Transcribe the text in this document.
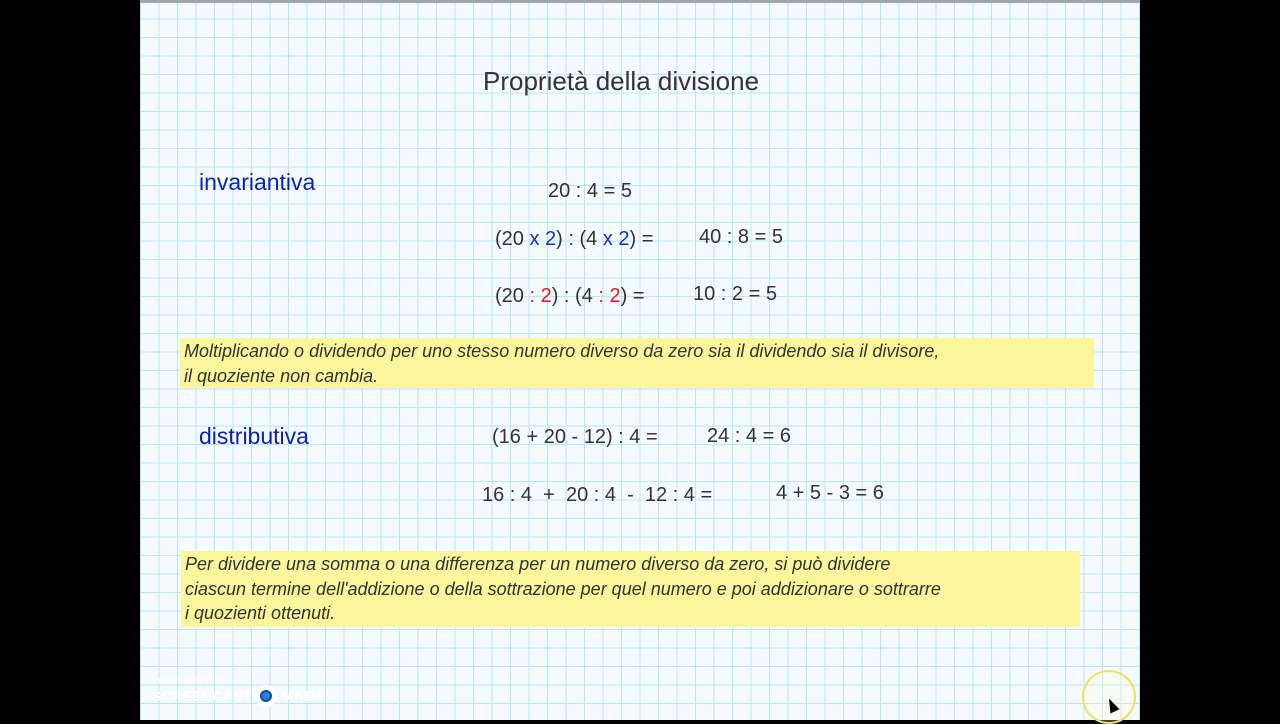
Proprietà della divisione
invariantiva	20 : 4 = 5
(20 x 2) : (4 x 2) = 40 : 8 = 5
(20 : 2) : (4 : 2) = 10 : 2 = 5
Moltiplicando o dividendo per uno stesso numero diverso da zero sia il dividendo sia il divisore,
il quoziente non cambia.
distributiva	(16 + 20 - 12) : 4 = 24 : 4 = 6
16 : 4  +  20 : 4  -  12 : 4 =	4 + 5 - 3 = 6
Per dividere una somma o una differenza per un numero diverso da zero, si può dividere
ciascun termine dell'addizione o della sottrazione per quel numero e poi addizionare o sottrarre
i quozienti ottenuti.
RECORDED WITH
SCREENCAST MATIC
